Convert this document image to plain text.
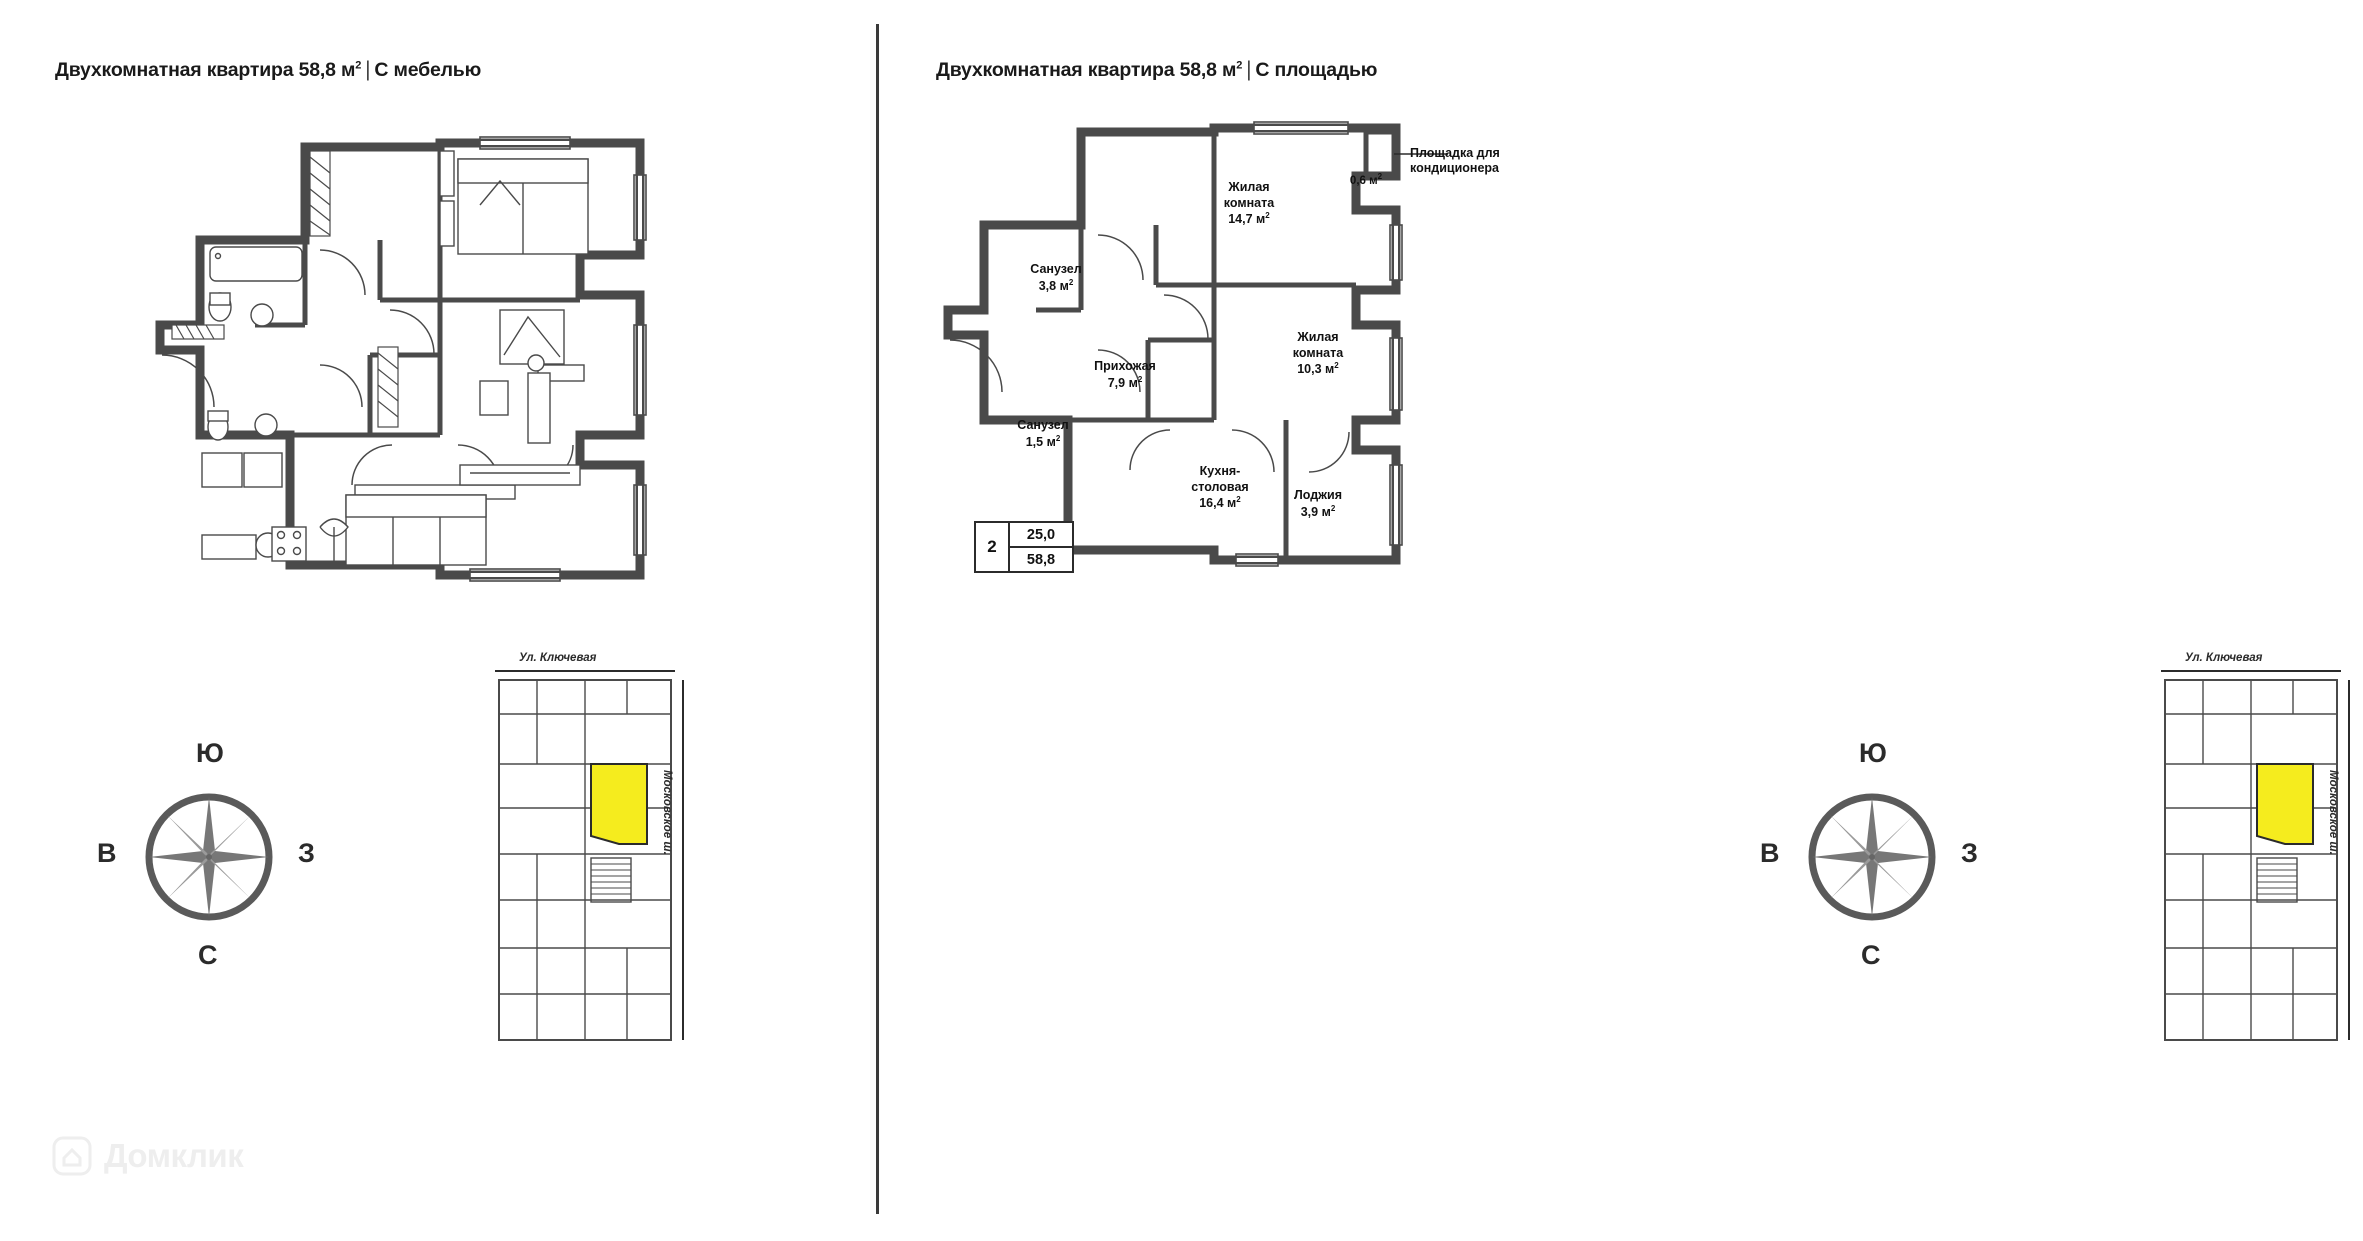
Двухкомнатная квартира 58,8 $м^2$ | С мебелью
Ю
В	З
С
Ул. Ключевая
Московское ш.
Домклик
Двухкомнатная квартира 58,8 $м^2$ | С площадью
Жилая
комната
14,7 $м^2$
Жилая
комната
10,3 $м^2$
Санузел
3,8 $м^2$
Санузел
1,5 $м^2$
Прихожая
7,9 $м^2$
Кухня-
столовая
16,4 $м^2$	Лоджия
3,9 $м^2$
0,6 $м^2$
Площадка для
кондиционера
2
25,0
58,8
Ю
В	З
С
Ул. Ключевая
Московское ш.
